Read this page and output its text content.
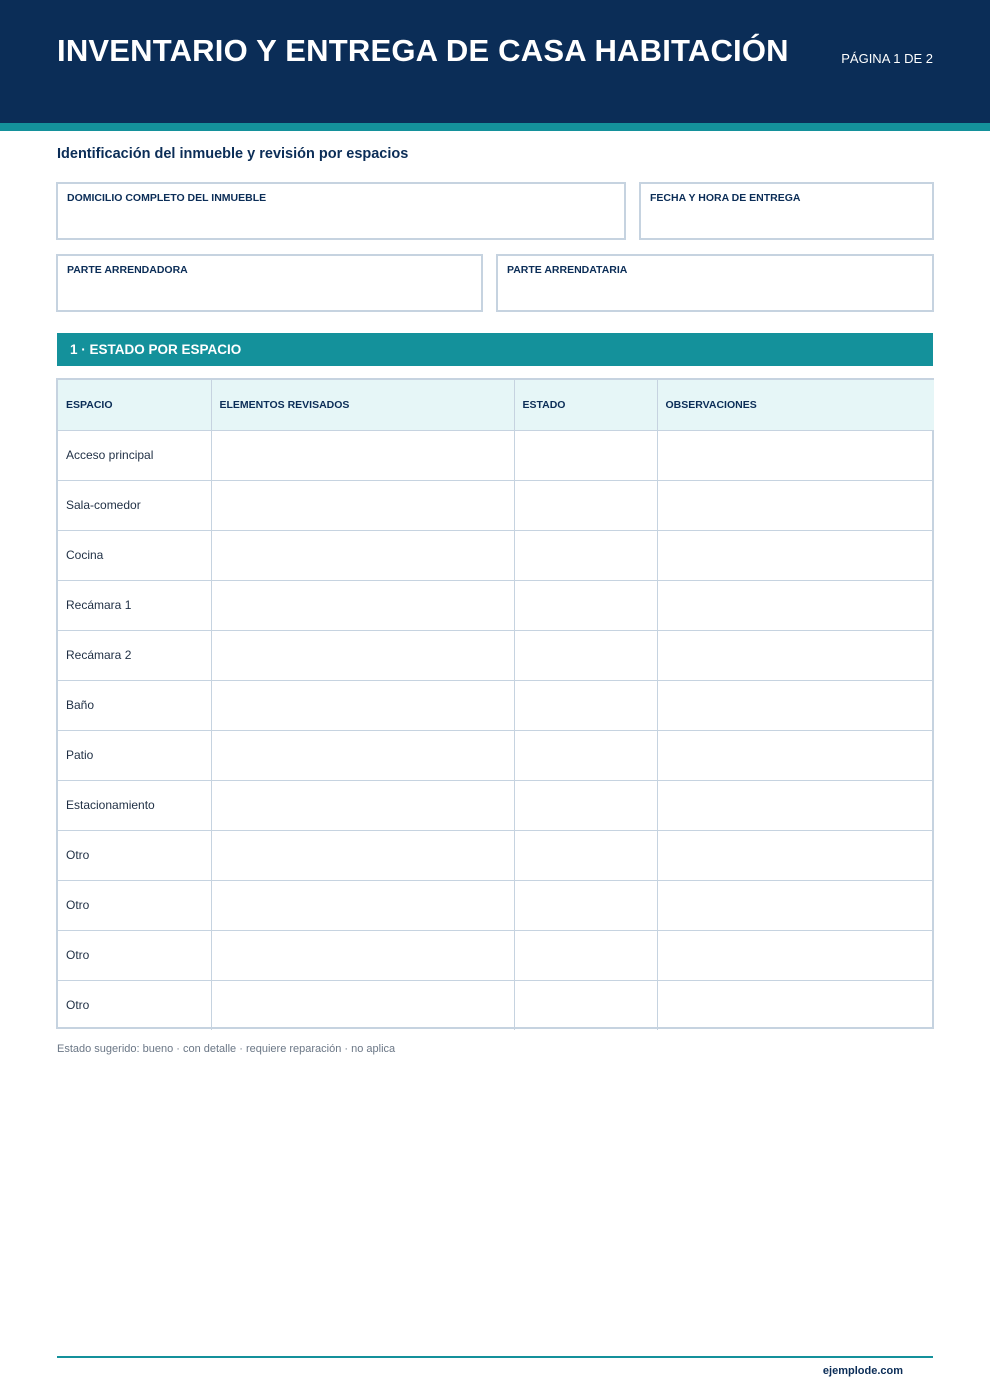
INVENTARIO Y ENTREGA DE CASA HABITACIÓN	PÁGINA 1 DE 2
Identificación del inmueble y revisión por espacios
DOMICILIO COMPLETO DEL INMUEBLE	FECHA Y HORA DE ENTREGA
PARTE ARRENDADORA	PARTE ARRENDATARIA
1 · ESTADO POR ESPACIO
ESPACIO	ELEMENTOS REVISADOS	ESTADO	OBSERVACIONES
Acceso principal			
Sala-comedor			
Cocina			
Recámara 1			
Recámara 2			
Baño			
Patio			
Estacionamiento			
Otro			
Otro			
Otro			
Otro			
Estado sugerido: bueno · con detalle · requiere reparación · no aplica
ejemplode.com
